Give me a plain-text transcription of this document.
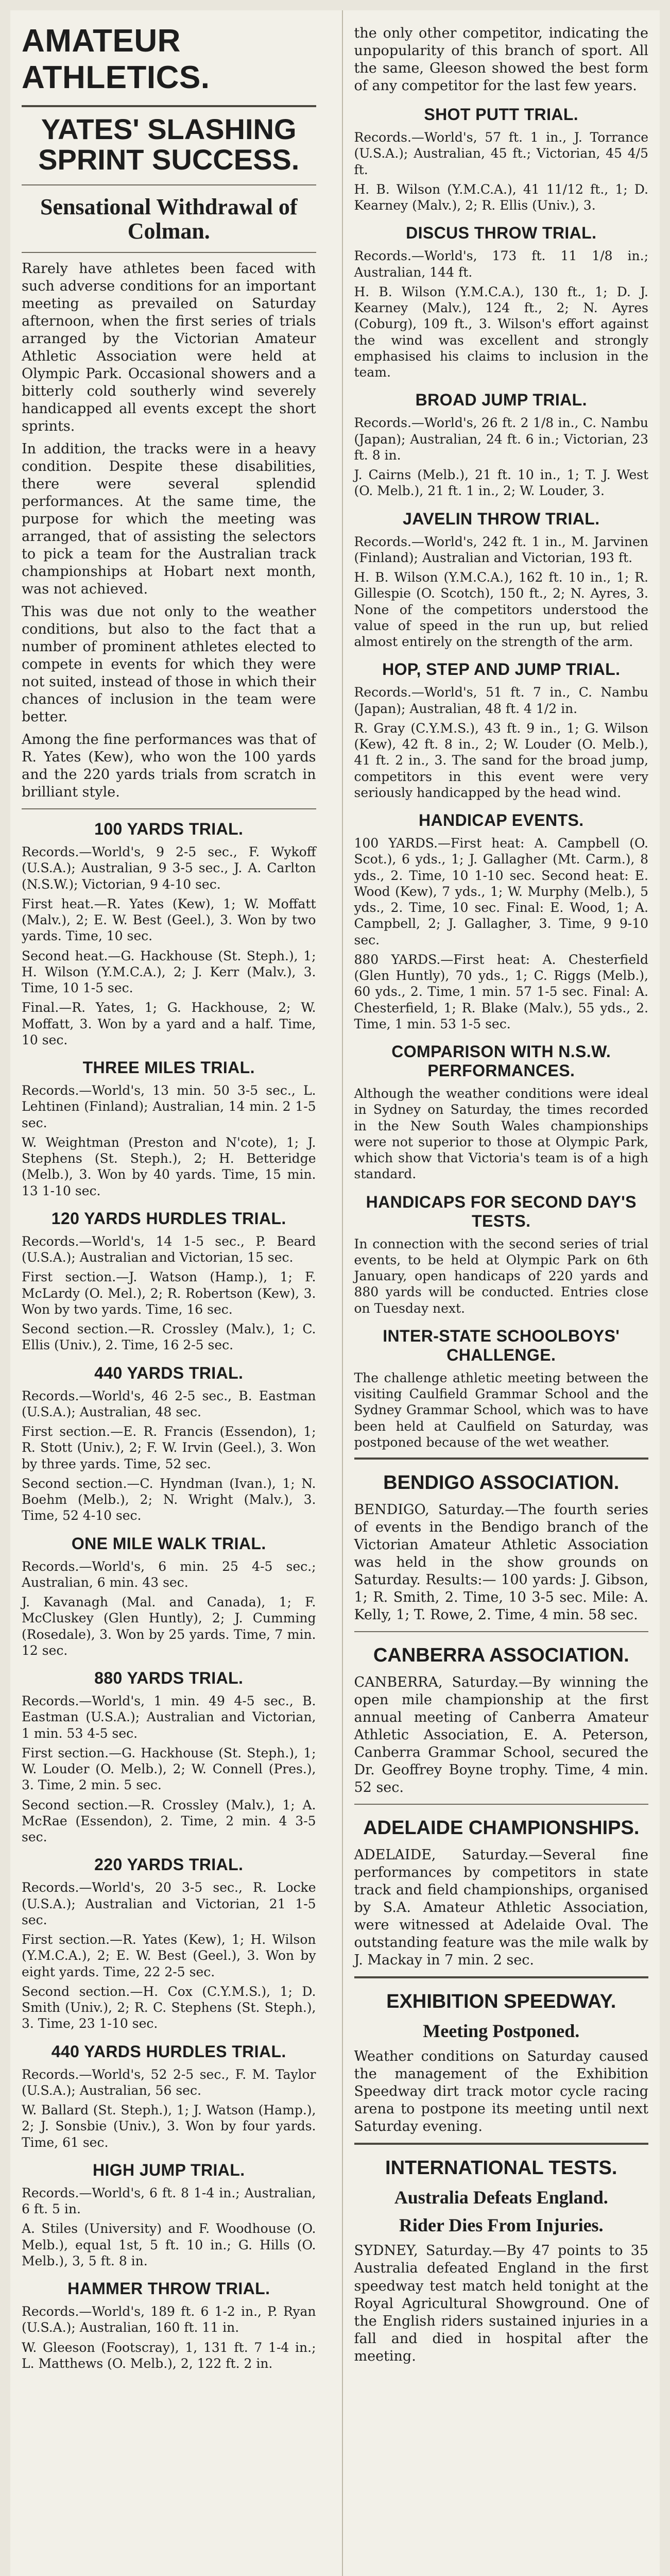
AMATEUR ATHLETICS.
YATES' SLASHING SPRINT SUCCESS.
Sensational Withdrawal of Colman.
Rarely have athletes been faced with such adverse conditions for an important meeting as prevailed on Saturday afternoon, when the first series of trials arranged by the Victorian Amateur Athletic Association were held at Olympic Park. Occasional showers and a bitterly cold southerly wind severely handicapped all events except the short sprints.
In addition, the tracks were in a heavy condition. Despite these disabilities, there were several splendid performances. At the same time, the purpose for which the meeting was arranged, that of assisting the selectors to pick a team for the Australian track championships at Hobart next month, was not achieved.
This was due not only to the weather conditions, but also to the fact that a number of prominent athletes elected to compete in events for which they were not suited, instead of those in which their chances of inclusion in the team were better.
Among the fine performances was that of R. Yates (Kew), who won the 100 yards and the 220 yards trials from scratch in brilliant style.
100 YARDS TRIAL.
Records.—World's, 9 2-5 sec., F. Wykoff (U.S.A.); Australian, 9 3-5 sec., J. A. Carlton (N.S.W.); Victorian, 9 4-10 sec.
First heat.—R. Yates (Kew), 1; W. Moffatt (Malv.), 2; E. W. Best (Geel.), 3. Won by two yards. Time, 10 sec.
Second heat.—G. Hackhouse (St. Steph.), 1; H. Wilson (Y.M.C.A.), 2; J. Kerr (Malv.), 3. Time, 10 1-5 sec.
Final.—R. Yates, 1; G. Hackhouse, 2; W. Moffatt, 3. Won by a yard and a half. Time, 10 sec.
THREE MILES TRIAL.
Records.—World's, 13 min. 50 3-5 sec., L. Lehtinen (Finland); Australian, 14 min. 2 1-5 sec.
W. Weightman (Preston and N'cote), 1; J. Stephens (St. Steph.), 2; H. Betteridge (Melb.), 3. Won by 40 yards. Time, 15 min. 13 1-10 sec.
120 YARDS HURDLES TRIAL.
Records.—World's, 14 1-5 sec., P. Beard (U.S.A.); Australian and Victorian, 15 sec.
First section.—J. Watson (Hamp.), 1; F. McLardy (O. Mel.), 2; R. Robertson (Kew), 3. Won by two yards. Time, 16 sec.
Second section.—R. Crossley (Malv.), 1; C. Ellis (Univ.), 2. Time, 16 2-5 sec.
440 YARDS TRIAL.
Records.—World's, 46 2-5 sec., B. Eastman (U.S.A.); Australian, 48 sec.
First section.—E. R. Francis (Essendon), 1; R. Stott (Univ.), 2; F. W. Irvin (Geel.), 3. Won by three yards. Time, 52 sec.
Second section.—C. Hyndman (Ivan.), 1; N. Boehm (Melb.), 2; N. Wright (Malv.), 3. Time, 52 4-10 sec.
ONE MILE WALK TRIAL.
Records.—World's, 6 min. 25 4-5 sec.; Australian, 6 min. 43 sec.
J. Kavanagh (Mal. and Canada), 1; F. McCluskey (Glen Huntly), 2; J. Cumming (Rosedale), 3. Won by 25 yards. Time, 7 min. 12 sec.
880 YARDS TRIAL.
Records.—World's, 1 min. 49 4-5 sec., B. Eastman (U.S.A.); Australian and Victorian, 1 min. 53 4-5 sec.
First section.—G. Hackhouse (St. Steph.), 1; W. Louder (O. Melb.), 2; W. Connell (Pres.), 3. Time, 2 min. 5 sec.
Second section.—R. Crossley (Malv.), 1; A. McRae (Essendon), 2. Time, 2 min. 4 3-5 sec.
220 YARDS TRIAL.
Records.—World's, 20 3-5 sec., R. Locke (U.S.A.); Australian and Victorian, 21 1-5 sec.
First section.—R. Yates (Kew), 1; H. Wilson (Y.M.C.A.), 2; E. W. Best (Geel.), 3. Won by eight yards. Time, 22 2-5 sec.
Second section.—H. Cox (C.Y.M.S.), 1; D. Smith (Univ.), 2; R. C. Stephens (St. Steph.), 3. Time, 23 1-10 sec.
440 YARDS HURDLES TRIAL.
Records.—World's, 52 2-5 sec., F. M. Taylor (U.S.A.); Australian, 56 sec.
W. Ballard (St. Steph.), 1; J. Watson (Hamp.), 2; J. Sonsbie (Univ.), 3. Won by four yards. Time, 61 sec.
HIGH JUMP TRIAL.
Records.—World's, 6 ft. 8 1-4 in.; Australian, 6 ft. 5 in.
A. Stiles (University) and F. Woodhouse (O. Melb.), equal 1st, 5 ft. 10 in.; G. Hills (O. Melb.), 3, 5 ft. 8 in.
HAMMER THROW TRIAL.
Records.—World's, 189 ft. 6 1-2 in., P. Ryan (U.S.A.); Australian, 160 ft. 11 in.
W. Gleeson (Footscray), 1, 131 ft. 7 1-4 in.; L. Matthews (O. Melb.), 2, 122 ft. 2 in.
the only other competitor, indicating the unpopularity of this branch of sport. All the same, Gleeson showed the best form of any competitor for the last few years.
SHOT PUTT TRIAL.
Records.—World's, 57 ft. 1 in., J. Torrance (U.S.A.); Australian, 45 ft.; Victorian, 45 4/5 ft.
H. B. Wilson (Y.M.C.A.), 41 11/12 ft., 1; D. Kearney (Malv.), 2; R. Ellis (Univ.), 3.
DISCUS THROW TRIAL.
Records.—World's, 173 ft. 11 1/8 in.; Australian, 144 ft.
H. B. Wilson (Y.M.C.A.), 130 ft., 1; D. J. Kearney (Malv.), 124 ft., 2; N. Ayres (Coburg), 109 ft., 3. Wilson's effort against the wind was excellent and strongly emphasised his claims to inclusion in the team.
BROAD JUMP TRIAL.
Records.—World's, 26 ft. 2 1/8 in., C. Nambu (Japan); Australian, 24 ft. 6 in.; Victorian, 23 ft. 8 in.
J. Cairns (Melb.), 21 ft. 10 in., 1; T. J. West (O. Melb.), 21 ft. 1 in., 2; W. Louder, 3.
JAVELIN THROW TRIAL.
Records.—World's, 242 ft. 1 in., M. Jarvinen (Finland); Australian and Victorian, 193 ft.
H. B. Wilson (Y.M.C.A.), 162 ft. 10 in., 1; R. Gillespie (O. Scotch), 150 ft., 2; N. Ayres, 3. None of the competitors understood the value of speed in the run up, but relied almost entirely on the strength of the arm.
HOP, STEP AND JUMP TRIAL.
Records.—World's, 51 ft. 7 in., C. Nambu (Japan); Australian, 48 ft. 4 1/2 in.
R. Gray (C.Y.M.S.), 43 ft. 9 in., 1; G. Wilson (Kew), 42 ft. 8 in., 2; W. Louder (O. Melb.), 41 ft. 2 in., 3. The sand for the broad jump, competitors in this event were very seriously handicapped by the head wind.
HANDICAP EVENTS.
100 YARDS.—First heat: A. Campbell (O. Scot.), 6 yds., 1; J. Gallagher (Mt. Carm.), 8 yds., 2. Time, 10 1-10 sec. Second heat: E. Wood (Kew), 7 yds., 1; W. Murphy (Melb.), 5 yds., 2. Time, 10 sec. Final: E. Wood, 1; A. Campbell, 2; J. Gallagher, 3. Time, 9 9-10 sec.
880 YARDS.—First heat: A. Chesterfield (Glen Huntly), 70 yds., 1; C. Riggs (Melb.), 60 yds., 2. Time, 1 min. 57 1-5 sec. Final: A. Chesterfield, 1; R. Blake (Malv.), 55 yds., 2. Time, 1 min. 53 1-5 sec.
COMPARISON WITH N.S.W. PERFORMANCES.
Although the weather conditions were ideal in Sydney on Saturday, the times recorded in the New South Wales championships were not superior to those at Olympic Park, which show that Victoria's team is of a high standard.
HANDICAPS FOR SECOND DAY'S TESTS.
In connection with the second series of trial events, to be held at Olympic Park on 6th January, open handicaps of 220 yards and 880 yards will be conducted. Entries close on Tuesday next.
INTER-STATE SCHOOLBOYS' CHALLENGE.
The challenge athletic meeting between the visiting Caulfield Grammar School and the Sydney Grammar School, which was to have been held at Caulfield on Saturday, was postponed because of the wet weather.
BENDIGO ASSOCIATION.
BENDIGO, Saturday.—The fourth series of events in the Bendigo branch of the Victorian Amateur Athletic Association was held in the show grounds on Saturday. Results:— 100 yards: J. Gibson, 1; R. Smith, 2. Time, 10 3-5 sec. Mile: A. Kelly, 1; T. Rowe, 2. Time, 4 min. 58 sec.
CANBERRA ASSOCIATION.
CANBERRA, Saturday.—By winning the open mile championship at the first annual meeting of Canberra Amateur Athletic Association, E. A. Peterson, Canberra Grammar School, secured the Dr. Geoffrey Boyne trophy. Time, 4 min. 52 sec.
ADELAIDE CHAMPIONSHIPS.
ADELAIDE, Saturday.—Several fine performances by competitors in state track and field championships, organised by S.A. Amateur Athletic Association, were witnessed at Adelaide Oval. The outstanding feature was the mile walk by J. Mackay in 7 min. 2 sec.
EXHIBITION SPEEDWAY.
Meeting Postponed.
Weather conditions on Saturday caused the management of the Exhibition Speedway dirt track motor cycle racing arena to postpone its meeting until next Saturday evening.
INTERNATIONAL TESTS.
Australia Defeats England.
Rider Dies From Injuries.
SYDNEY, Saturday.—By 47 points to 35 Australia defeated England in the first speedway test match held tonight at the Royal Agricultural Showground. One of the English riders sustained injuries in a fall and died in hospital after the meeting.
